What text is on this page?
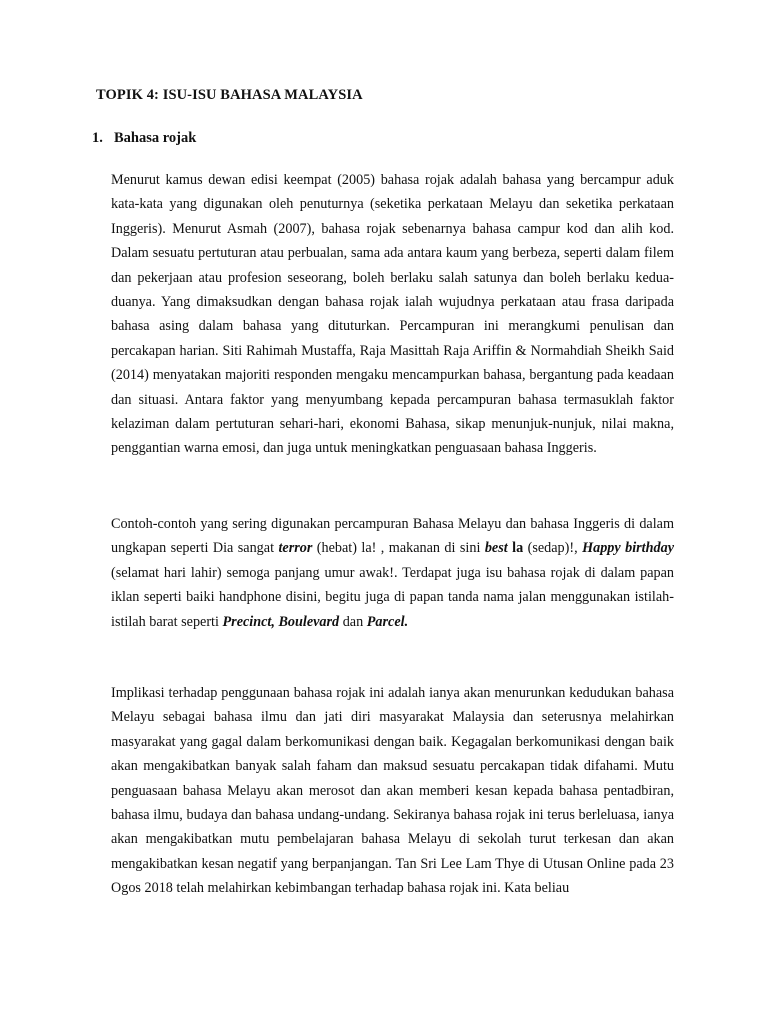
TOPIK 4: ISU-ISU BAHASA MALAYSIA
1. Bahasa rojak

Menurut kamus dewan edisi keempat (2005) bahasa rojak adalah bahasa yang bercampur aduk kata-kata yang digunakan oleh penuturnya (seketika perkataan Melayu dan seketika perkataan Inggeris). Menurut Asmah (2007), bahasa rojak sebenarnya bahasa campur kod dan alih kod. Dalam sesuatu pertuturan atau perbualan, sama ada antara kaum yang berbeza, seperti dalam filem dan pekerjaan atau profesion seseorang, boleh berlaku salah satunya dan boleh berlaku kedua-duanya. Yang dimaksudkan dengan bahasa rojak ialah wujudnya perkataan atau frasa daripada bahasa asing dalam bahasa yang dituturkan. Percampuran ini merangkumi penulisan dan percakapan harian. Siti Rahimah Mustaffa, Raja Masittah Raja Ariffin & Normahdiah Sheikh Said (2014) menyatakan majoriti responden mengaku mencampurkan bahasa, bergantung pada keadaan dan situasi. Antara faktor yang menyumbang kepada percampuran bahasa termasuklah faktor kelaziman dalam pertuturan sehari-hari, ekonomi Bahasa, sikap menunjuk-nunjuk, nilai makna, penggantian warna emosi, dan juga untuk meningkatkan penguasaan bahasa Inggeris.

Contoh-contoh yang sering digunakan percampuran Bahasa Melayu dan bahasa Inggeris di dalam ungkapan seperti Dia sangat terror (hebat) la! , makanan di sini best la (sedap)!, Happy birthday (selamat hari lahir) semoga panjang umur awak!. Terdapat juga isu bahasa rojak di dalam papan iklan seperti baiki handphone disini, begitu juga di papan tanda nama jalan menggunakan istilah-istilah barat seperti Precinct, Boulevard dan Parcel.

Implikasi terhadap penggunaan bahasa rojak ini adalah ianya akan menurunkan kedudukan bahasa Melayu sebagai bahasa ilmu dan jati diri masyarakat Malaysia dan seterusnya melahirkan masyarakat yang gagal dalam berkomunikasi dengan baik. Kegagalan berkomunikasi dengan baik akan mengakibatkan banyak salah faham dan maksud sesuatu percakapan tidak difahami. Mutu penguasaan bahasa Melayu akan merosot dan akan memberi kesan kepada bahasa pentadbiran, bahasa ilmu, budaya dan bahasa undang-undang. Sekiranya bahasa rojak ini terus berleluasa, ianya akan mengakibatkan mutu pembelajaran bahasa Melayu di sekolah turut terkesan dan akan mengakibatkan kesan negatif yang berpanjangan. Tan Sri Lee Lam Thye di Utusan Online pada 23 Ogos 2018 telah melahirkan kebimbangan terhadap bahasa rojak ini. Kata beliau
